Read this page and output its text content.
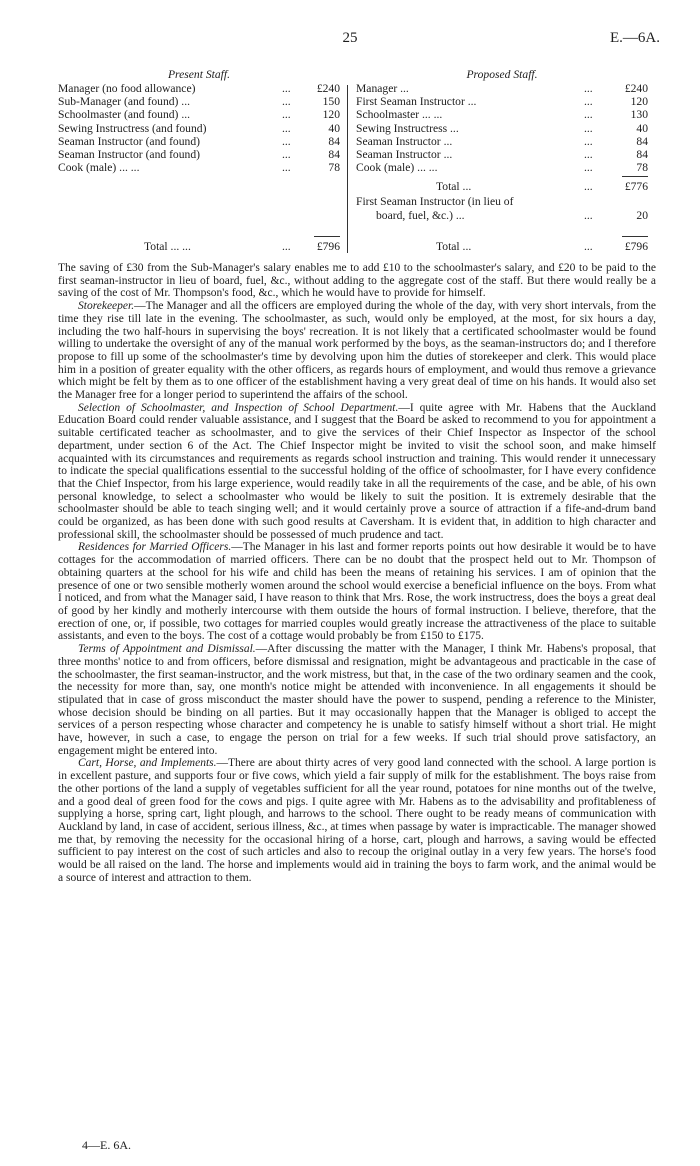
25	E.—6A.
Present Staff.
Manager (no food allowance)	... £240
Sub-Manager (and found) ...	...	150
Schoolmaster (and found) ...	...	120
Sewing Instructress (and found)	...	40
Seaman Instructor (and found)	...	84
Seaman Instructor (and found)	...	84
Cook (male) ... ...	...	78
Total ... ...	... £796
Proposed Staff.
Manager ...	...	£240
First Seaman Instructor ...	...	120
Schoolmaster ... ...	...	130
Sewing Instructress ...	...	40
Seaman Instructor ...	...	84
Seaman Instructor ...	...	84
Cook (male) ... ...	...	78
Total ...	...	£776
First Seaman Instructor (in lieu of
board, fuel, &c.) ...	...	20
Total ...	...	£796

The saving of £30 from the Sub-Manager's salary enables me to add £10 to the schoolmaster's salary, and £20 to be paid to the first seaman-instructor in lieu of board, fuel, &c., without adding to the aggregate cost of the staff. But there would really be a saving of the cost of Mr. Thompson's food, &c., which he would have to provide for himself.

Storekeeper.—The Manager and all the officers are employed during the whole of the day, with very short intervals, from the time they rise till late in the evening. The schoolmaster, as such, would only be employed, at the most, for six hours a day, including the two half-hours in supervising the boys' recreation. It is not likely that a certificated schoolmaster would be found willing to undertake the oversight of any of the manual work performed by the boys, as the seaman-instructors do; and I therefore propose to fill up some of the schoolmaster's time by devolving upon him the duties of storekeeper and clerk. This would place him in a position of greater equality with the other officers, as regards hours of employment, and would thus remove a grievance which might be felt by them as to one officer of the establishment having a very great deal of time on his hands. It would also set the Manager free for a longer period to superintend the affairs of the school.

Selection of Schoolmaster, and Inspection of School Department.—I quite agree with Mr. Habens that the Auckland Education Board could render valuable assistance, and I suggest that the Board be asked to recommend to you for appointment a suitable certificated teacher as schoolmaster, and to give the services of their Chief Inspector as Inspector of the school department, under section 6 of the Act. The Chief Inspector might be invited to visit the school soon, and make himself acquainted with its circumstances and requirements as regards school instruction and training. This would render it unnecessary to indicate the special qualifications essential to the successful holding of the office of schoolmaster, for I have every confidence that the Chief Inspector, from his large experience, would readily take in all the requirements of the case, and be able, of his own personal knowledge, to select a schoolmaster who would be likely to suit the position. It is extremely desirable that the schoolmaster should be able to teach singing well; and it would certainly prove a source of attraction if a fife-and-drum band could be organized, as has been done with such good results at Caversham. It is evident that, in addition to high character and professional skill, the schoolmaster should be possessed of much prudence and tact.

Residences for Married Officers.—The Manager in his last and former reports points out how desirable it would be to have cottages for the accommodation of married officers. There can be no doubt that the prospect held out to Mr. Thompson of obtaining quarters at the school for his wife and child has been the means of retaining his services. I am of opinion that the presence of one or two sensible motherly women around the school would exercise a beneficial influence on the boys. From what I noticed, and from what the Manager said, I have reason to think that Mrs. Rose, the work instructress, does the boys a great deal of good by her kindly and motherly intercourse with them outside the hours of formal instruction. I believe, therefore, that the erection of one, or, if possible, two cottages for married couples would greatly increase the attractiveness of the place to suitable assistants, and even to the boys. The cost of a cottage would probably be from £150 to £175.

Terms of Appointment and Dismissal.—After discussing the matter with the Manager, I think Mr. Habens's proposal, that three months' notice to and from officers, before dismissal and resignation, might be advantageous and practicable in the case of the schoolmaster, the first seaman-instructor, and the work mistress, but that, in the case of the two ordinary seamen and the cook, the necessity for more than, say, one month's notice might be attended with inconvenience. In all engagements it should be stipulated that in case of gross misconduct the master should have the power to suspend, pending a reference to the Minister, whose decision should be binding on all parties. But it may occasionally happen that the Manager is obliged to accept the services of a person respecting whose character and competency he is unable to satisfy himself without a short trial. He might have, however, in such a case, to engage the person on trial for a few weeks. If such trial should prove satisfactory, an engagement might be entered into.

Cart, Horse, and Implements.—There are about thirty acres of very good land connected with the school. A large portion is in excellent pasture, and supports four or five cows, which yield a fair supply of milk for the establishment. The boys raise from the other portions of the land a supply of vegetables sufficient for all the year round, potatoes for nine months out of the twelve, and a good deal of green food for the cows and pigs. I quite agree with Mr. Habens as to the advisability and profitableness of supplying a horse, spring cart, light plough, and harrows to the school. There ought to be ready means of communication with Auckland by land, in case of accident, serious illness, &c., at times when passage by water is impracticable. The manager showed me that, by removing the necessity for the occasional hiring of a horse, cart, plough and harrows, a saving would be effected sufficient to pay interest on the cost of such articles and also to recoup the original outlay in a very few years. The horse's food would be all raised on the land. The horse and implements would aid in training the boys to farm work, and the animal would be a source of interest and attraction to them.

4—E. 6A.
